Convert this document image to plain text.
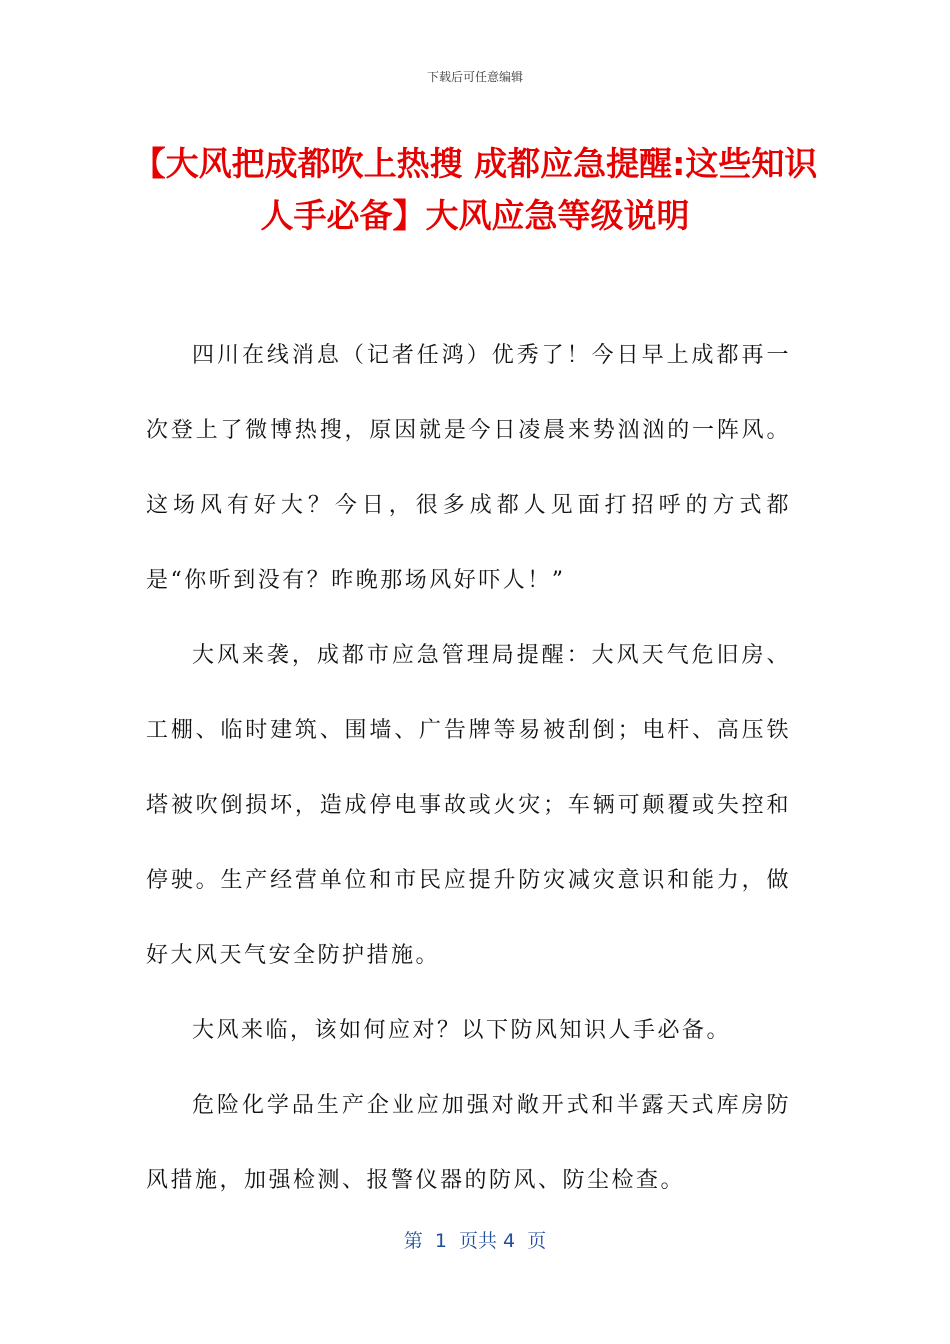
下载后可任意编辑
【大风把成都吹上热搜 成都应急提醒:这些知识人手必备】大风应急等级说明

四川在线消息（记者任鸿）优秀了！今日早上成都再一次登上了微博热搜，原因就是今日凌晨来势汹汹的一阵风。这场风有好大？今日，很多成都人见面打招呼的方式都是“你听到没有？昨晚那场风好吓人！”

大风来袭，成都市应急管理局提醒：大风天气危旧房、工棚、临时建筑、围墙、广告牌等易被刮倒；电杆、高压铁塔被吹倒损坏，造成停电事故或火灾；车辆可颠覆或失控和停驶。生产经营单位和市民应提升防灾减灾意识和能力，做好大风天气安全防护措施。

大风来临，该如何应对？以下防风知识人手必备。

危险化学品生产企业应加强对敞开式和半露天式库房防风措施，加强检测、报警仪器的防风、防尘检查。

第  1  页共 4  页
